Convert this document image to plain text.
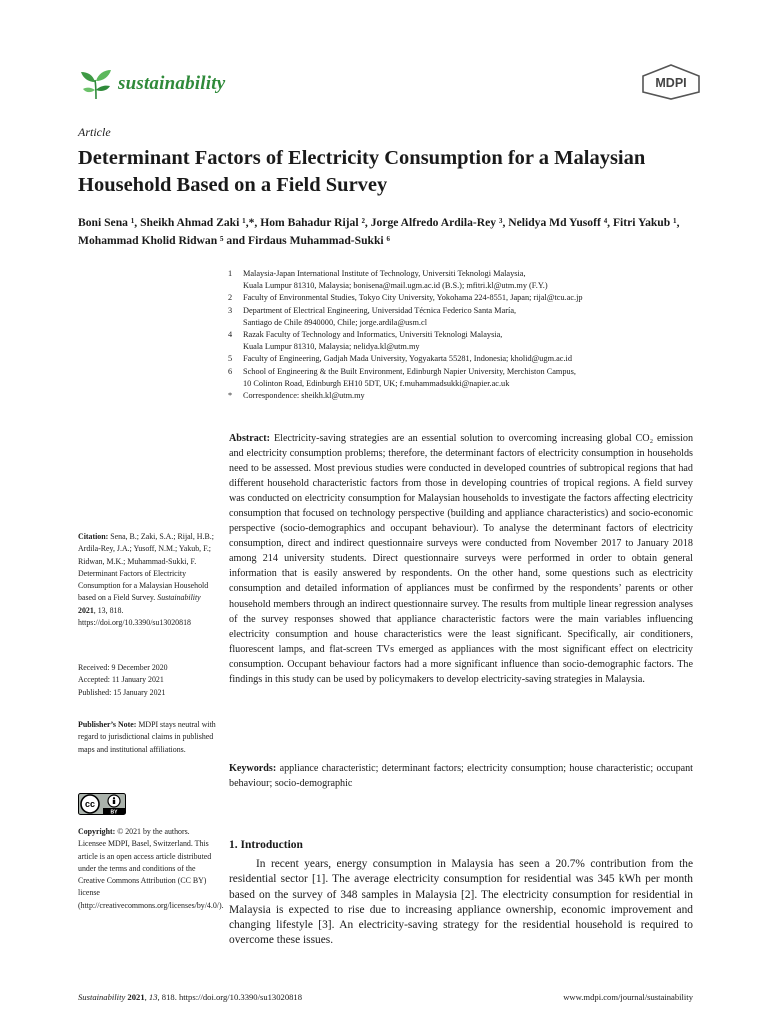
sustainability	MDPI
Article
Determinant Factors of Electricity Consumption for a Malaysian Household Based on a Field Survey

Boni Sena ¹, Sheikh Ahmad Zaki ¹,*, Hom Bahadur Rijal ², Jorge Alfredo Ardila-Rey ³, Nelidya Md Yusoff ⁴, Fitri Yakub ¹, Mohammad Kholid Ridwan ⁵ and Firdaus Muhammad-Sukki ⁶

1	Malaysia-Japan International Institute of Technology, Universiti Teknologi Malaysia,
Kuala Lumpur 81310, Malaysia; bonisena@mail.ugm.ac.id (B.S.); mfitri.kl@utm.my (F.Y.)
2	Faculty of Environmental Studies, Tokyo City University, Yokohama 224-8551, Japan; rijal@tcu.ac.jp
3	Department of Electrical Engineering, Universidad Técnica Federico Santa María,
Santiago de Chile 8940000, Chile; jorge.ardila@usm.cl
4	Razak Faculty of Technology and Informatics, Universiti Teknologi Malaysia,
Kuala Lumpur 81310, Malaysia; nelidya.kl@utm.my
5	Faculty of Engineering, Gadjah Mada University, Yogyakarta 55281, Indonesia; kholid@ugm.ac.id
6	School of Engineering & the Built Environment, Edinburgh Napier University, Merchiston Campus,
10 Colinton Road, Edinburgh EH10 5DT, UK; f.muhammadsukki@napier.ac.uk
*	Correspondence: sheikh.kl@utm.my

Abstract: Electricity-saving strategies are an essential solution to overcoming increasing global CO₂ emission and electricity consumption problems; therefore, the determinant factors of electricity consumption in households need to be assessed. Most previous studies were conducted in developed countries of subtropical regions that had different household characteristic factors from those in developing countries of tropical regions. A field survey was conducted on electricity consumption for Malaysian households to investigate the factors affecting electricity consumption that focused on technology perspective (building and appliance characteristics) and socio-economic perspective (socio-demographics and occupant behaviour). To analyse the determinant factors of electricity consumption, direct and indirect questionnaire surveys were conducted from November 2017 to January 2018 among 214 university students. Direct questionnaire surveys were performed in order to obtain general information that is easily answered by respondents. On the other hand, some questions such as electricity consumption and detailed information of appliances must be confirmed by the respondents’ parents or other household members through an indirect questionnaire survey. The results from multiple linear regression analyses of the survey responses showed that appliance characteristic factors were the main variables influencing electricity consumption and house characteristics were the least significant. Specifically, air conditioners, fluorescent lamps, and flat-screen TVs emerged as appliances with the most significant effect on electricity consumption. Occupant behaviour factors had a more significant influence than socio-demographic factors. The findings in this study can be used by policymakers to develop electricity-saving strategies in Malaysia.

Keywords: appliance characteristic; determinant factors; electricity consumption; house characteristic; occupant behaviour; socio-demographic

Citation: Sena, B.; Zaki, S.A.; Rijal, H.B.; Ardila-Rey, J.A.; Yusoff, N.M.; Yakub, F.; Ridwan, M.K.; Muhammad-Sukki, F. Determinant Factors of Electricity Consumption for a Malaysian Household based on a Field Survey. Sustainability 2021, 13, 818. https://doi.org/10.3390/su13020818

Received: 9 December 2020
Accepted: 11 January 2021
Published: 15 January 2021

Publisher’s Note: MDPI stays neutral with regard to jurisdictional claims in published maps and institutional affiliations.

cc
BY

Copyright: © 2021 by the authors. Licensee MDPI, Basel, Switzerland. This article is an open access article distributed under the terms and conditions of the Creative Commons Attribution (CC BY) license (http://creativecommons.org/licenses/by/4.0/).

1. Introduction

In recent years, energy consumption in Malaysia has seen a 20.7% contribution from the residential sector [1]. The average electricity consumption for residential was 345 kWh per month based on the survey of 348 samples in Malaysia [2]. The electricity consumption for residential in Malaysia is expected to rise due to increasing appliance ownership, economic improvement and changing lifestyle [3]. An electricity-saving strategy for the residential household is required to overcome these issues.

Sustainability 2021, 13, 818. https://doi.org/10.3390/su13020818	www.mdpi.com/journal/sustainability
